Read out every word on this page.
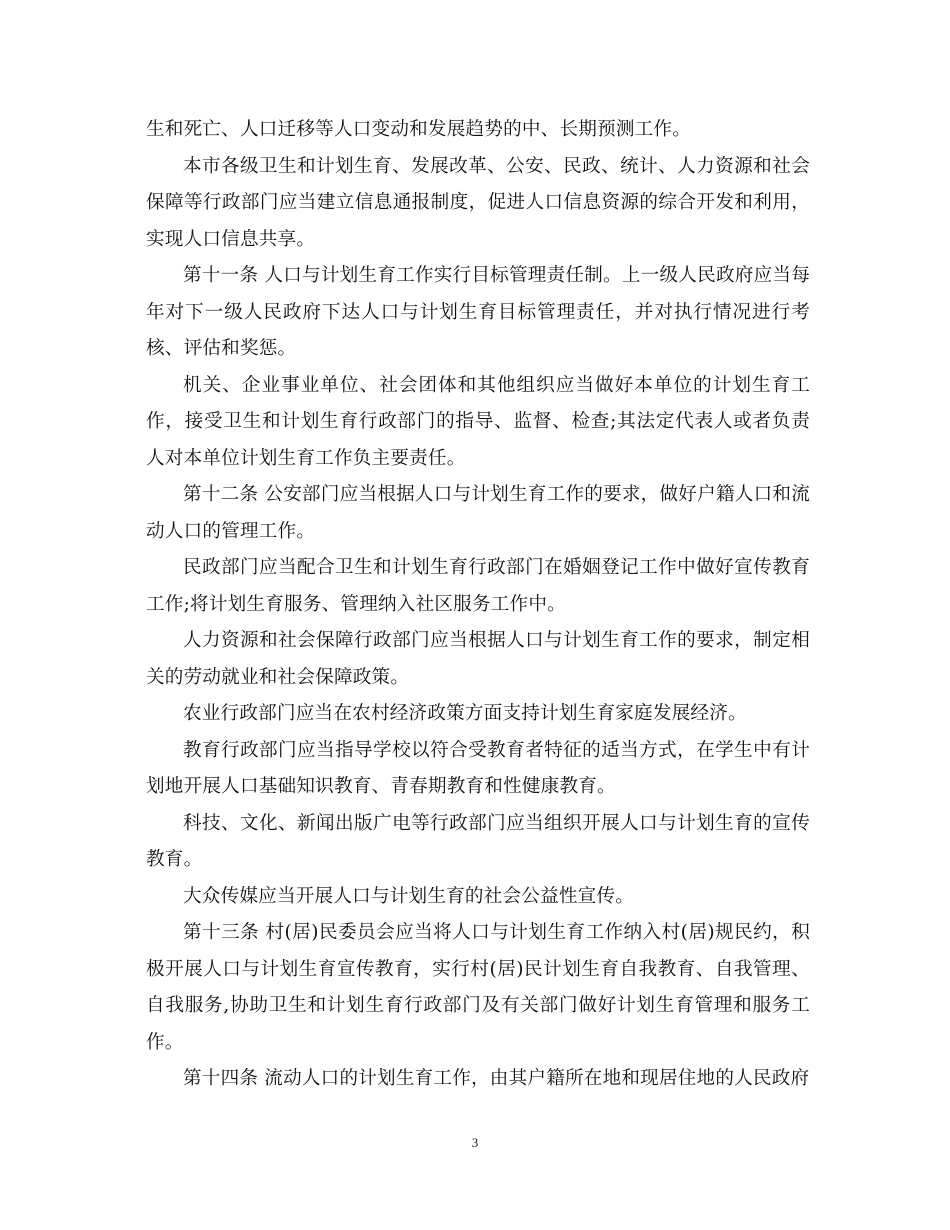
生和死亡、人口迁移等人口变动和发展趋势的中、长期预测工作。

本市各级卫生和计划生育、发展改革、公安、民政、统计、人力资源和社会保障等行政部门应当建立信息通报制度，促进人口信息资源的综合开发和利用，实现人口信息共享。

第十一条 人口与计划生育工作实行目标管理责任制。上一级人民政府应当每年对下一级人民政府下达人口与计划生育目标管理责任，并对执行情况进行考核、评估和奖惩。

机关、企业事业单位、社会团体和其他组织应当做好本单位的计划生育工作，接受卫生和计划生育行政部门的指导、监督、检查;其法定代表人或者负责人对本单位计划生育工作负主要责任。

第十二条 公安部门应当根据人口与计划生育工作的要求，做好户籍人口和流动人口的管理工作。

民政部门应当配合卫生和计划生育行政部门在婚姻登记工作中做好宣传教育工作;将计划生育服务、管理纳入社区服务工作中。

人力资源和社会保障行政部门应当根据人口与计划生育工作的要求，制定相关的劳动就业和社会保障政策。

农业行政部门应当在农村经济政策方面支持计划生育家庭发展经济。

教育行政部门应当指导学校以符合受教育者特征的适当方式，在学生中有计划地开展人口基础知识教育、青春期教育和性健康教育。

科技、文化、新闻出版广电等行政部门应当组织开展人口与计划生育的宣传教育。

大众传媒应当开展人口与计划生育的社会公益性宣传。

第十三条 村(居)民委员会应当将人口与计划生育工作纳入村(居)规民约，积极开展人口与计划生育宣传教育，实行村(居)民计划生育自我教育、自我管理、自我服务,协助卫生和计划生育行政部门及有关部门做好计划生育管理和服务工作。

第十四条 流动人口的计划生育工作，由其户籍所在地和现居住地的人民政府

3
